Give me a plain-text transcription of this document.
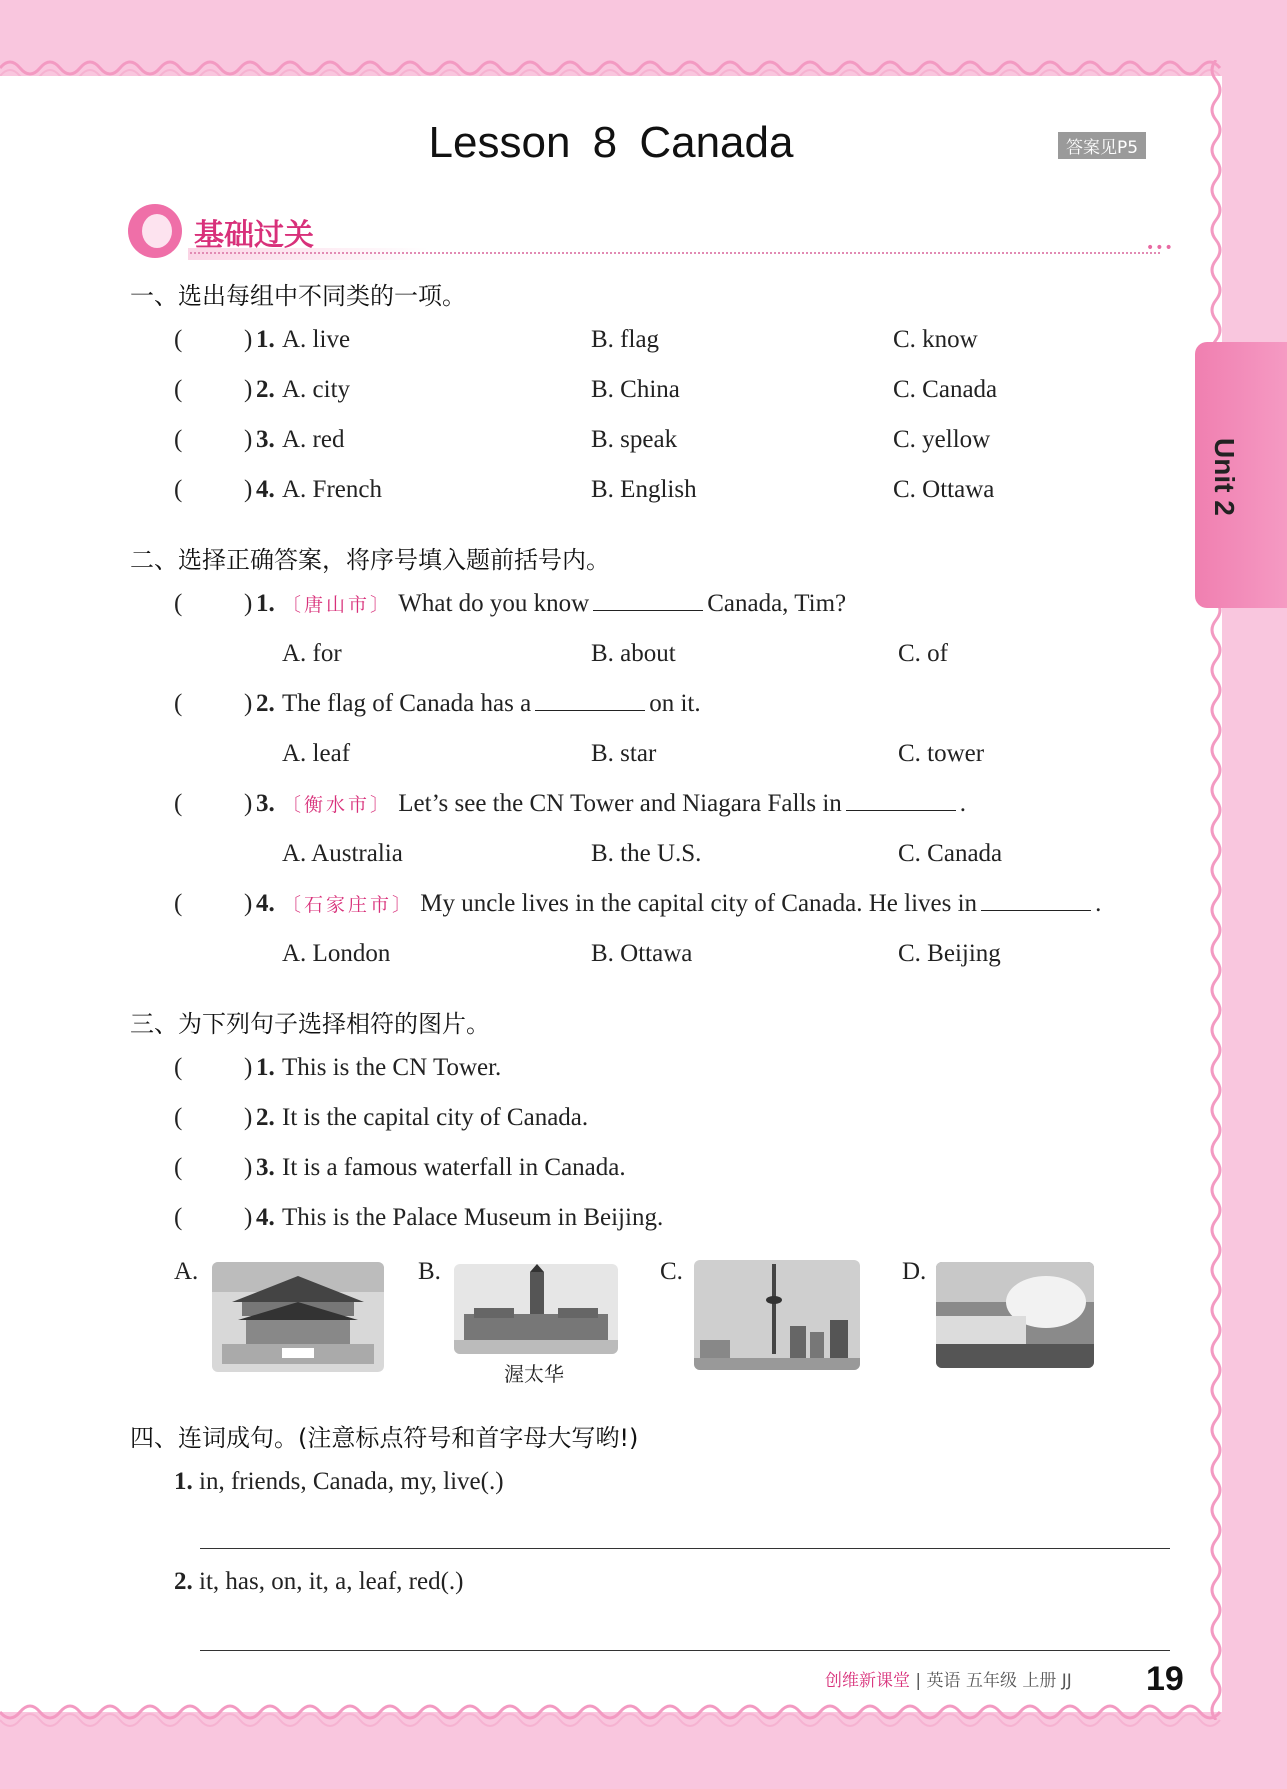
Lesson 8 Canada	答案见P5
Unit 2
基础过关	•••
一、选出每组中不同类的一项。
( ) 1. A. live	B. flag	C. know
( ) 2. A. city	B. China	C. Canada
( ) 3. A. red	B. speak	C. yellow
( ) 4. A. French	B. English	C. Ottawa
二、选择正确答案，将序号填入题前括号内。
( ) 1. 〔唐山市〕 What do you know	Canada, Tim?
A. for	B. about	C. of
( ) 2. The flag of Canada has a	on it.
A. leaf	B. star	C. tower
( ) 3. 〔衡水市〕 Let’s see the CN Tower and Niagara Falls in	.
A. Australia	B. the U.S.	C. Canada
( ) 4. 〔石家庄市〕 My uncle lives in the capital city of Canada. He lives in	.
A. London	B. Ottawa	C. Beijing
三、为下列句子选择相符的图片。
( ) 1. This is the CN Tower.
( ) 2. It is the capital city of Canada.
( ) 3. It is a famous waterfall in Canada.
( ) 4. This is the Palace Museum in Beijing.
A.	B.
渥太华
C.	D.
四、连词成句。(注意标点符号和首字母大写哟!)
1. in, friends, Canada, my, live(.)
2. it, has, on, it, a, leaf, red(.)
创维新课堂 | 英语 五年级 上册 JJ 19
